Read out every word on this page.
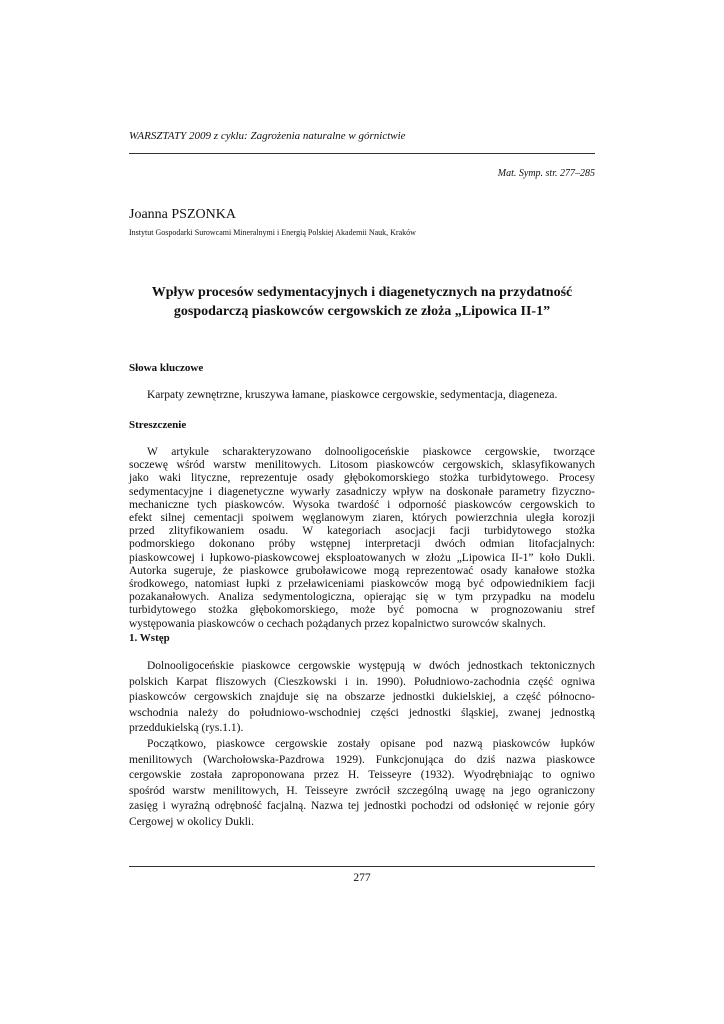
WARSZTATY 2009 z cyklu: Zagrożenia naturalne w górnictwie
Mat. Symp. str. 277–285
Joanna PSZONKA
Instytut Gospodarki Surowcami Mineralnymi i Energią Polskiej Akademii Nauk, Kraków
Wpływ procesów sedymentacyjnych i diagenetycznych na przydatność
gospodarczą piaskowców cergowskich ze złoża „Lipowica II-1”
Słowa kluczowe
Karpaty zewnętrzne, kruszywa łamane, piaskowce cergowskie, sedymentacja, diageneza.
Streszczenie
W artykule scharakteryzowano dolnooligoceńskie piaskowce cergowskie, tworzące
soczewę wśród warstw menilitowych. Litosom piaskowców cergowskich, sklasyfikowanych
jako waki lityczne, reprezentuje osady głębokomorskiego stożka turbidytowego. Procesy
sedymentacyjne i diagenetyczne wywarły zasadniczy wpływ na doskonałe parametry fizyczno-
mechaniczne tych piaskowców. Wysoka twardość i odporność piaskowców cergowskich to
efekt silnej cementacji spoiwem węglanowym ziaren, których powierzchnia uległa korozji
przed zlityfikowaniem osadu. W kategoriach asocjacji facji turbidytowego stożka
podmorskiego dokonano próby wstępnej interpretacji dwóch odmian litofacjalnych:
piaskowcowej i łupkowo-piaskowcowej eksploatowanych w złożu „Lipowica II-1” koło Dukli.
Autorka sugeruje, że piaskowce gruboławicowe mogą reprezentować osady kanałowe stożka
środkowego, natomiast łupki z przeławiceniami piaskowców mogą być odpowiednikiem facji
pozakanałowych. Analiza sedymentologiczna, opierając się w tym przypadku na modelu
turbidytowego stożka głębokomorskiego, może być pomocna w prognozowaniu stref
występowania piaskowców o cechach pożądanych przez kopalnictwo surowców skalnych.
1. Wstęp
Dolnooligoceńskie piaskowce cergowskie występują w dwóch jednostkach tektonicznych
polskich Karpat fliszowych (Cieszkowski i in. 1990). Południowo-zachodnia część ogniwa
piaskowców cergowskich znajduje się na obszarze jednostki dukielskiej, a część północno-
wschodnia należy do południowo-wschodniej części jednostki śląskiej, zwanej jednostką
przeddukielską (rys.1.1).
Początkowo, piaskowce cergowskie zostały opisane pod nazwą piaskowców łupków
menilitowych (Warchołowska-Pazdrowa 1929). Funkcjonująca do dziś nazwa piaskowce
cergowskie została zaproponowana przez H. Teisseyre (1932). Wyodrębniając to ogniwo
spośród warstw menilitowych, H. Teisseyre zwrócił szczególną uwagę na jego ograniczony
zasięg i wyraźną odrębność facjalną. Nazwa tej jednostki pochodzi od odsłonięć w rejonie góry
Cergowej w okolicy Dukli.
277
